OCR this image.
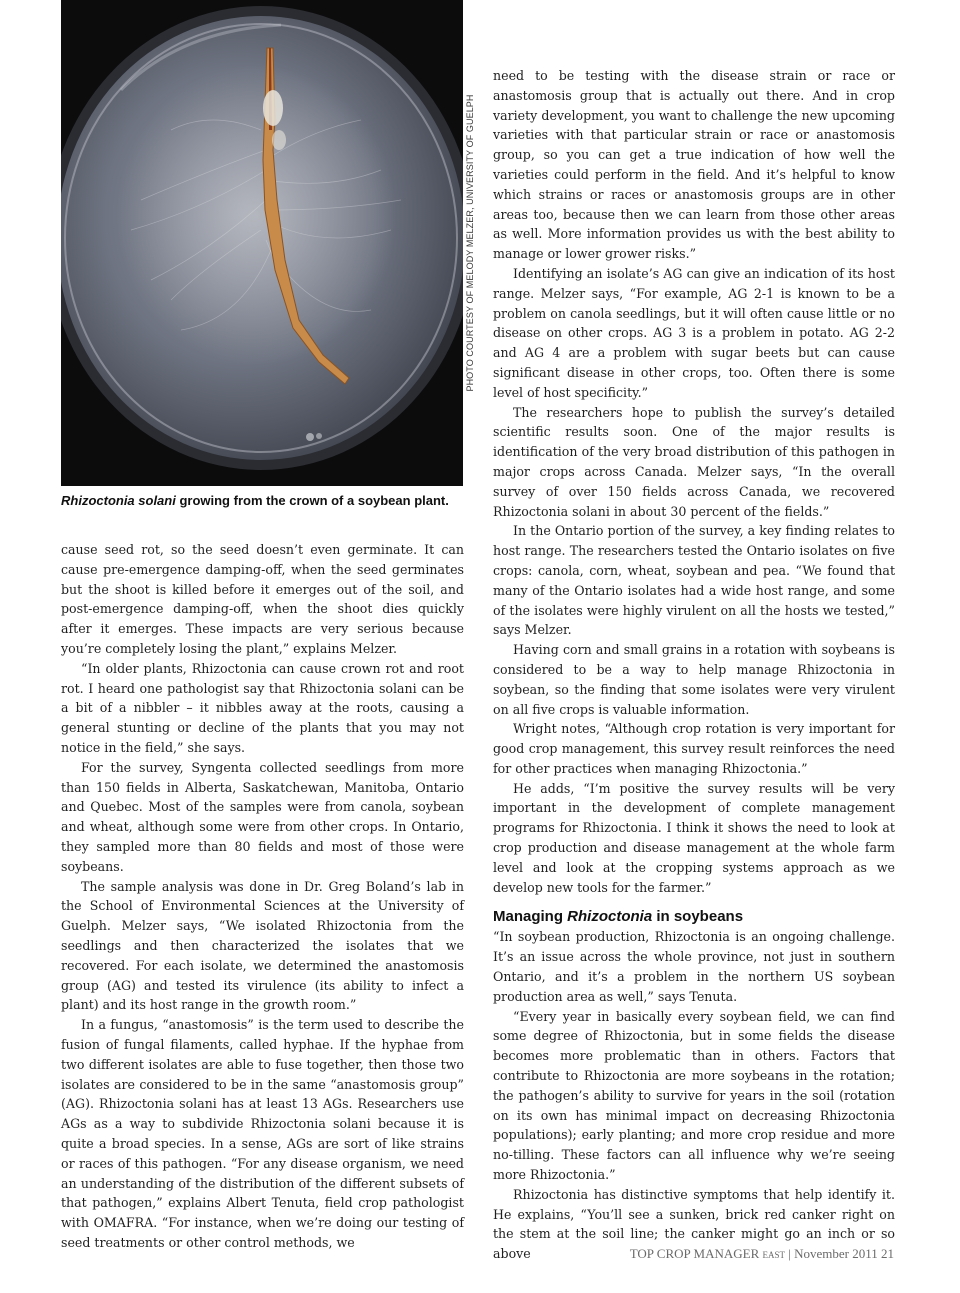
PHOTO COURTESY OF MELODY MELZER, UNIVERSITY OF GUELPH
Rhizoctonia solani growing from the crown of a soybean plant.

cause seed rot, so the seed doesn’t even germinate. It can cause pre-emergence damping-off, when the seed germinates but the shoot is killed before it emerges out of the soil, and post-emergence damping-off, when the shoot dies quickly after it emerges. These impacts are very serious because you’re completely losing the plant,” explains Melzer.

“In older plants, Rhizoctonia can cause crown rot and root rot. I heard one pathologist say that Rhizoctonia solani can be a bit of a nibbler – it nibbles away at the roots, causing a general stunting or decline of the plants that you may not notice in the field,” she says.

For the survey, Syngenta collected seedlings from more than 150 fields in Alberta, Saskatchewan, Manitoba, Ontario and Quebec. Most of the samples were from canola, soybean and wheat, although some were from other crops. In Ontario, they sampled more than 80 fields and most of those were soybeans.

The sample analysis was done in Dr. Greg Boland’s lab in the School of Environmental Sciences at the University of Guelph. Melzer says, “We isolated Rhizoctonia from the seedlings and then characterized the isolates that we recovered. For each isolate, we determined the anastomosis group (AG) and tested its virulence (its ability to infect a plant) and its host range in the growth room.”

In a fungus, “anastomosis” is the term used to describe the fusion of fungal filaments, called hyphae. If the hyphae from two different isolates are able to fuse together, then those two isolates are considered to be in the same “anastomosis group” (AG). Rhizoctonia solani has at least 13 AGs. Researchers use AGs as a way to subdivide Rhizoctonia solani because it is quite a broad species. In a sense, AGs are sort of like strains or races of this pathogen. “For any disease organism, we need an understanding of the distribution of the different subsets of that pathogen,” explains Albert Tenuta, field crop pathologist with OMAFRA. “For instance, when we’re doing our testing of seed treatments or other control methods, we

need to be testing with the disease strain or race or anastomosis group that is actually out there. And in crop variety development, you want to challenge the new upcoming varieties with that particular strain or race or anastomosis group, so you can get a true indication of how well the varieties could perform in the field. And it’s helpful to know which strains or races or anastomosis groups are in other areas too, because then we can learn from those other areas as well. More information provides us with the best ability to manage or lower grower risks.”

Identifying an isolate’s AG can give an indication of its host range. Melzer says, “For example, AG 2-1 is known to be a problem on canola seedlings, but it will often cause little or no disease on other crops. AG 3 is a problem in potato. AG 2-2 and AG 4 are a problem with sugar beets but can cause significant disease in other crops, too. Often there is some level of host specificity.”

The researchers hope to publish the survey’s detailed scientific results soon. One of the major results is identification of the very broad distribution of this pathogen in major crops across Canada. Melzer says, “In the overall survey of over 150 fields across Canada, we recovered Rhizoctonia solani in about 30 percent of the fields.”

In the Ontario portion of the survey, a key finding relates to host range. The researchers tested the Ontario isolates on five crops: canola, corn, wheat, soybean and pea. “We found that many of the Ontario isolates had a wide host range, and some of the isolates were highly virulent on all the hosts we tested,” says Melzer.

Having corn and small grains in a rotation with soybeans is considered to be a way to help manage Rhizoctonia in soybean, so the finding that some isolates were very virulent on all five crops is valuable information.

Wright notes, “Although crop rotation is very important for good crop management, this survey result reinforces the need for other practices when managing Rhizoctonia.”

He adds, “I’m positive the survey results will be very important in the development of complete management programs for Rhizoctonia. I think it shows the need to look at crop production and disease management at the whole farm level and look at the cropping systems approach as we develop new tools for the farmer.”

Managing Rhizoctonia in soybeans

“In soybean production, Rhizoctonia is an ongoing challenge. It’s an issue across the whole province, not just in southern Ontario, and it’s a problem in the northern US soybean production area as well,” says Tenuta.

“Every year in basically every soybean field, we can find some degree of Rhizoctonia, but in some fields the disease becomes more problematic than in others. Factors that contribute to Rhizoctonia are more soybeans in the rotation; the pathogen’s ability to survive for years in the soil (rotation on its own has minimal impact on decreasing Rhizoctonia populations); early planting; and more crop residue and more no-tilling. These factors can all influence why we’re seeing more Rhizoctonia.”

Rhizoctonia has distinctive symptoms that help identify it. He explains, “You’ll see a sunken, brick red canker right on the stem at the soil line; the canker might go an inch or so above	TOP CROP MANAGER EAST | November 2011 21
